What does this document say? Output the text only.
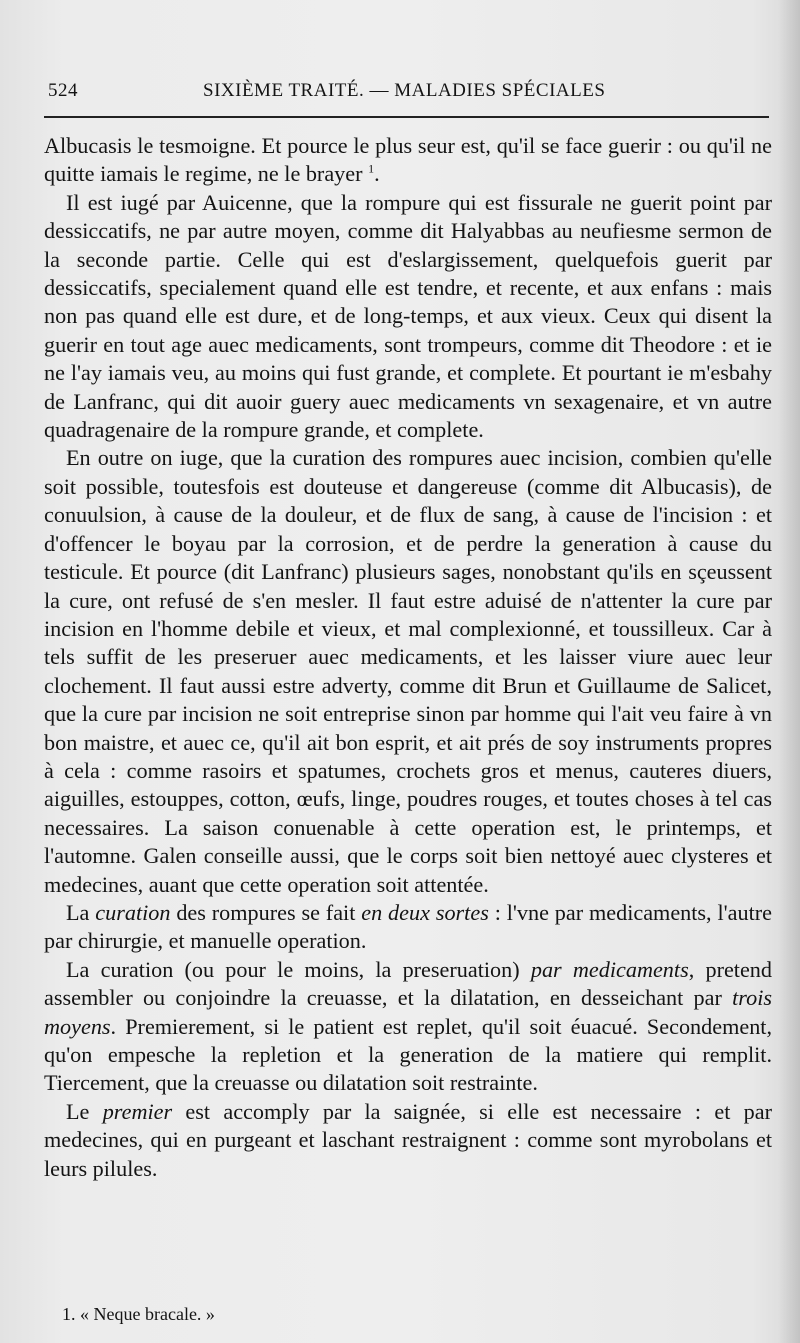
524	SIXIÈME TRAITÉ. — MALADIES SPÉCIALES

Albucasis le tesmoigne. Et pource le plus seur est, qu'il se face guerir : ou qu'il ne quitte iamais le regime, ne le brayer $^1$.

Il est iugé par Auicenne, que la rompure qui est fissurale ne guerit point par dessiccatifs, ne par autre moyen, comme dit Halyabbas au neufiesme sermon de la seconde partie. Celle qui est d'eslargissement, quelquefois guerit par dessiccatifs, specialement quand elle est tendre, et recente, et aux enfans : mais non pas quand elle est dure, et de long-temps, et aux vieux. Ceux qui disent la guerir en tout age auec medicaments, sont trompeurs, comme dit Theodore : et ie ne l'ay iamais veu, au moins qui fust grande, et complete. Et pourtant ie m'esbahy de Lanfranc, qui dit auoir guery auec medicaments vn sexagenaire, et vn autre quadragenaire de la rompure grande, et complete.

En outre on iuge, que la curation des rompures auec incision, combien qu'elle soit possible, toutesfois est douteuse et dangereuse (comme dit Albucasis), de conuulsion, à cause de la douleur, et de flux de sang, à cause de l'incision : et d'offencer le boyau par la corrosion, et de perdre la generation à cause du testicule. Et pource (dit Lanfranc) plusieurs sages, nonobstant qu'ils en sçeussent la cure, ont refusé de s'en mesler. Il faut estre aduisé de n'attenter la cure par incision en l'homme debile et vieux, et mal complexionné, et toussilleux. Car à tels suffit de les preseruer auec medicaments, et les laisser viure auec leur clochement. Il faut aussi estre adverty, comme dit Brun et Guillaume de Salicet, que la cure par incision ne soit entreprise sinon par homme qui l'ait veu faire à vn bon maistre, et auec ce, qu'il ait bon esprit, et ait prés de soy instruments propres à cela : comme rasoirs et spatumes, crochets gros et menus, cauteres diuers, aiguilles, estouppes, cotton, œufs, linge, poudres rouges, et toutes choses à tel cas necessaires. La saison conuenable à cette operation est, le printemps, et l'automne. Galen conseille aussi, que le corps soit bien nettoyé auec clysteres et medecines, auant que cette operation soit attentée.

La curation des rompures se fait en deux sortes : l'vne par medicaments, l'autre par chirurgie, et manuelle operation.

La curation (ou pour le moins, la preseruation) par medicaments, pretend assembler ou conjoindre la creuasse, et la dilatation, en desseichant par trois moyens. Premierement, si le patient est replet, qu'il soit éuacué. Secondement, qu'on empesche la repletion et la generation de la matiere qui remplit. Tiercement, que la creuasse ou dilatation soit restrainte.

Le premier est accomply par la saignée, si elle est necessaire : et par medecines, qui en purgeant et laschant restraignent : comme sont myrobolans et leurs pilules.

1. « Neque bracale. »
